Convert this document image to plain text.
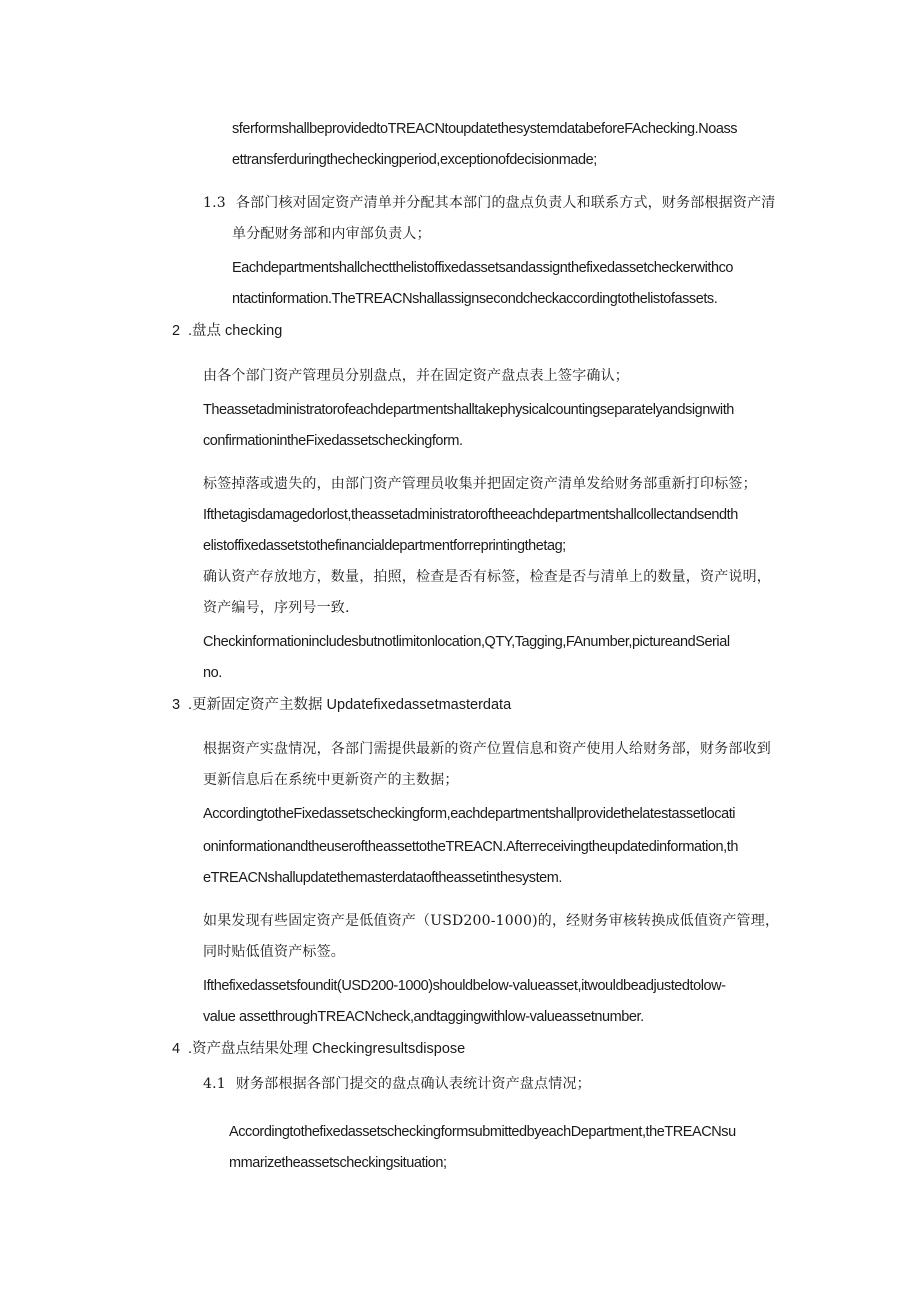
sferformshallbeprovidedtoTREACNtoupdatethesystemdatabeforeFAchecking.Noass
ettransferduringthecheckingperiod,exceptionofdecisionmade;
1.3 各部门核对固定资产清单并分配其本部门的盘点负责人和联系方式，财务部根据资产清
单分配财务部和内审部负责人；
Eachdepartmentshallchectthelistoffixedassetsandassignthefixedassetcheckerwithco
ntactinformation.TheTREACNshallassignsecondcheckaccordingtothelistofassets.
2 .盘点 checking
由各个部门资产管理员分别盘点，并在固定资产盘点表上签字确认；
Theassetadministratorofeachdepartmentshalltakephysicalcountingseparatelyandsignwith
confirmationintheFixedassetscheckingform.
标签掉落或遗失的，由部门资产管理员收集并把固定资产清单发给财务部重新打印标签；
Ifthetagisdamagedorlost,theassetadministratoroftheeachdepartmentshallcollectandsendth
elistoffixedassetstothefinancialdepartmentforreprintingthetag;
确认资产存放地方，数量，拍照，检查是否有标签，检查是否与清单上的数量，资产说明，
资产编号，序列号一致.
Checkinformationincludesbutnotlimitonlocation,QTY,Tagging,FAnumber,pictureandSerial
no.
3 .更新固定资产主数据 Updatefixedassetmasterdata
根据资产实盘情况，各部门需提供最新的资产位置信息和资产使用人给财务部，财务部收到
更新信息后在系统中更新资产的主数据；
AccordingtotheFixedassetscheckingform,eachdepartmentshallprovidethelatestassetlocati
oninformationandtheuseroftheassettotheTREACN.Afterreceivingtheupdatedinformation,th
eTREACNshallupdatethemasterdataoftheassetinthesystem.
如果发现有些固定资产是低值资产（USD200-1000)的，经财务审核转换成低值资产管理，
同时贴低值资产标签。
Ifthefixedassetsfoundit(USD200-1000)shouldbelow-valueasset,itwouldbeadjustedtolow-
value assetthroughTREACNcheck,andtaggingwithlow-valueassetnumber.
4 .资产盘点结果处理 Checkingresultsdispose
4.1 财务部根据各部门提交的盘点确认表统计资产盘点情况；
AccordingtothefixedassetscheckingformsubmittedbyeachDepartment,theTREACNsu
mmarizetheassetscheckingsituation;
